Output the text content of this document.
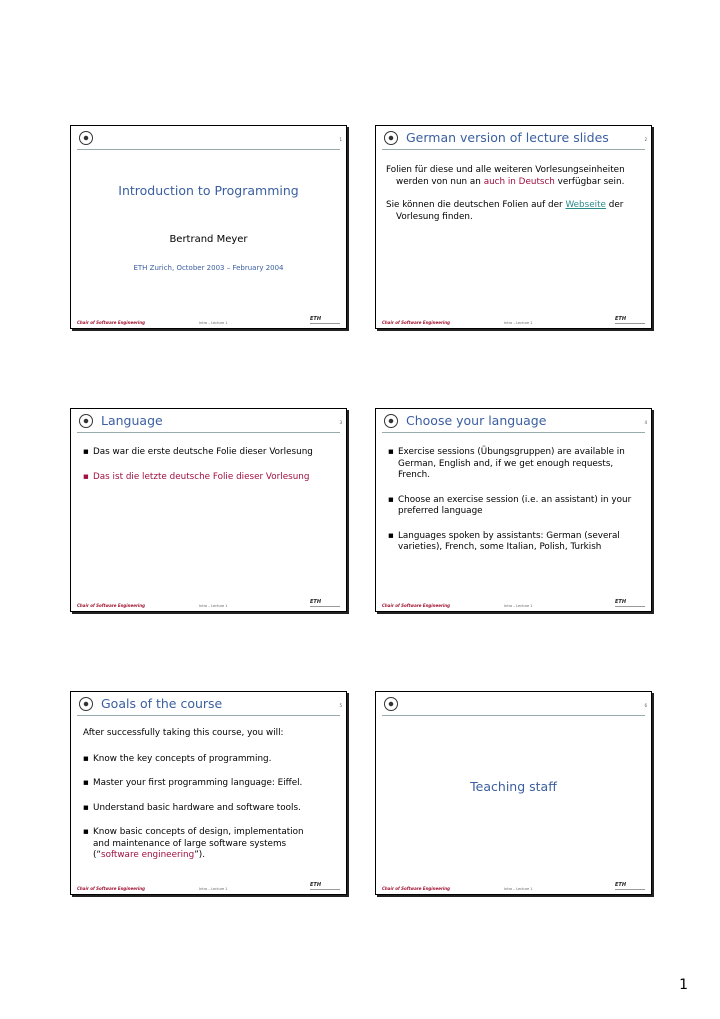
1
Introduction to Programming
Bertrand Meyer
ETH Zurich, October 2003 – February 2004
Chair of Software Engineering	Intro – Lecture 1
ETH
German version of lecture slides	2

Folien für diese und alle weiteren Vorlesungseinheiten werden von nun an auch in Deutsch verfügbar sein.

Sie können die deutschen Folien auf der Webseite der Vorlesung finden.

Chair of Software Engineering	Intro – Lecture 1
ETH
Language	3
▪ Das war die erste deutsche Folie dieser Vorlesung
▪ Das ist die letzte deutsche Folie dieser Vorlesung
Chair of Software Engineering	Intro – Lecture 1
ETH
Choose your language	4
▪ Exercise sessions (Übungsgruppen) are available in German, English and, if we get enough requests, French.
▪ Choose an exercise session (i.e. an assistant) in your preferred language
▪ Languages spoken by assistants: German (several varieties), French, some Italian, Polish, Turkish
Chair of Software Engineering	Intro – Lecture 1
ETH
Goals of the course	5

After successfully taking this course, you will:

▪ Know the key concepts of programming.
▪ Master your first programming language: Eiffel.
▪ Understand basic hardware and software tools.
▪ Know basic concepts of design, implementation and maintenance of large software systems (“software engineering”).
Chair of Software Engineering	Intro – Lecture 1
ETH
6
Teaching staff
Chair of Software Engineering	Intro – Lecture 1
ETH
1
